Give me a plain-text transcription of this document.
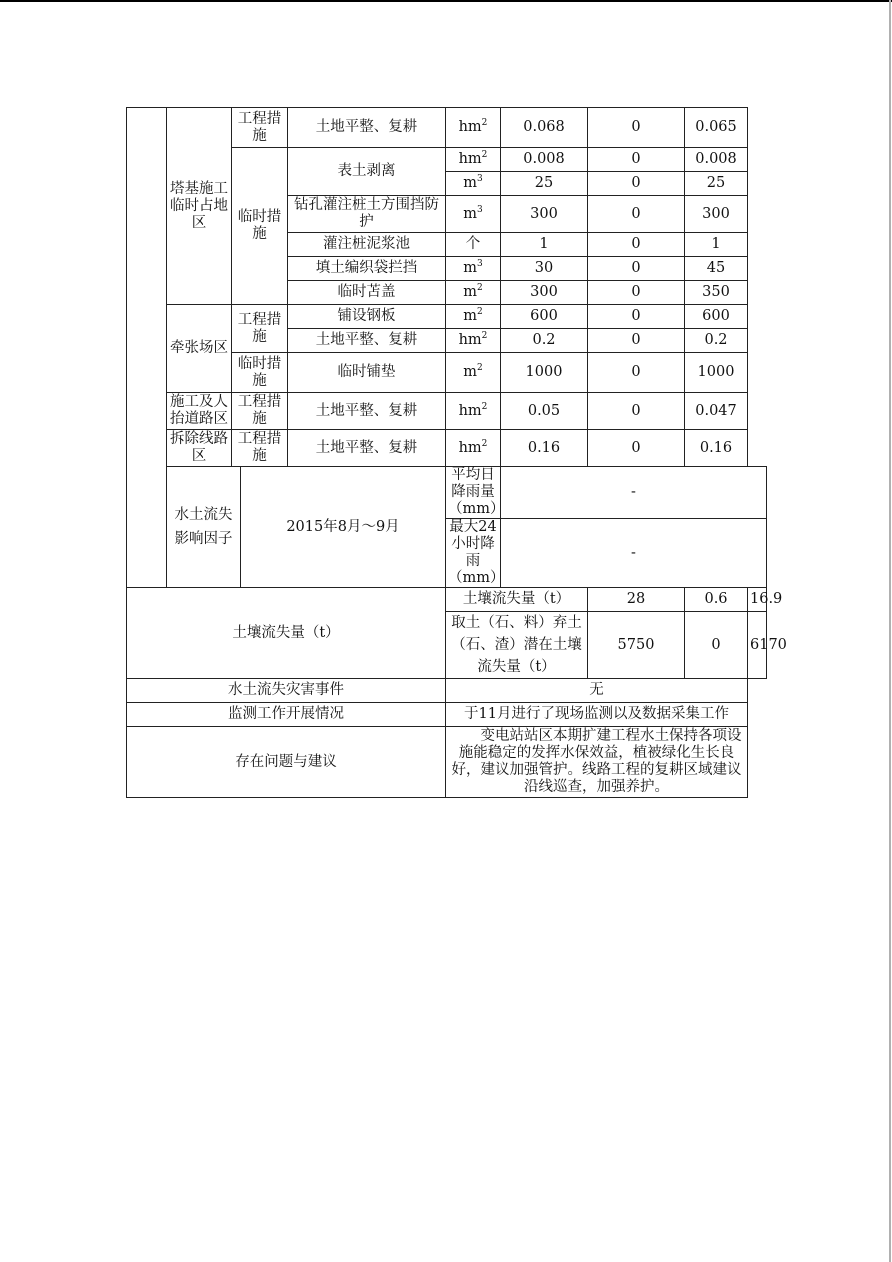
	塔基施工临时占地区	工程措施		土地平整、复耕	$hm^2$	0.068	0	0.065	
		临时措施		表土剥离	$hm^2$	0.008	0	0.008	
					$m^3$	25	0	25	
				钻孔灌注桩土方围挡防护	$m^3$	300	0	300	
				灌注桩泥浆池	个	1	0	1	
				填土编织袋拦挡	$m^3$	30	0	45	
				临时苫盖	$m^2$	300	0	350	
	牵张场区	工程措施		铺设钢板	$m^2$	600	0	600	
				土地平整、复耕	$hm^2$	0.2	0	0.2	
		临时措施		临时铺垫	$m^2$	1000	0	1000	
	施工及人抬道路区	工程措施		土地平整、复耕	$hm^2$	0.05	0	0.047	
	拆除线路区	工程措施		土地平整、复耕	$hm^2$	0.16	0	0.16	
	水土流失影响因子		2015年8月～9月		平均日降雨量（mm）	-			
					最大24小时降雨（mm）	-			
土壤流失量（t）					土壤流失量（t）		28	0.6	16.9
					取土（石、料）弃土（石、渣）潜在土壤流失量（t）		5750	0	6170
水土流失灾害事件					无				
监测工作开展情况					于11月进行了现场监测以及数据采集工作				
存在问题与建议					变电站站区本期扩建工程水土保持各项设施能稳定的发挥水保效益，植被绿化生长良好，建议加强管护。线路工程的复耕区域建议沿线巡查，加强养护。				
